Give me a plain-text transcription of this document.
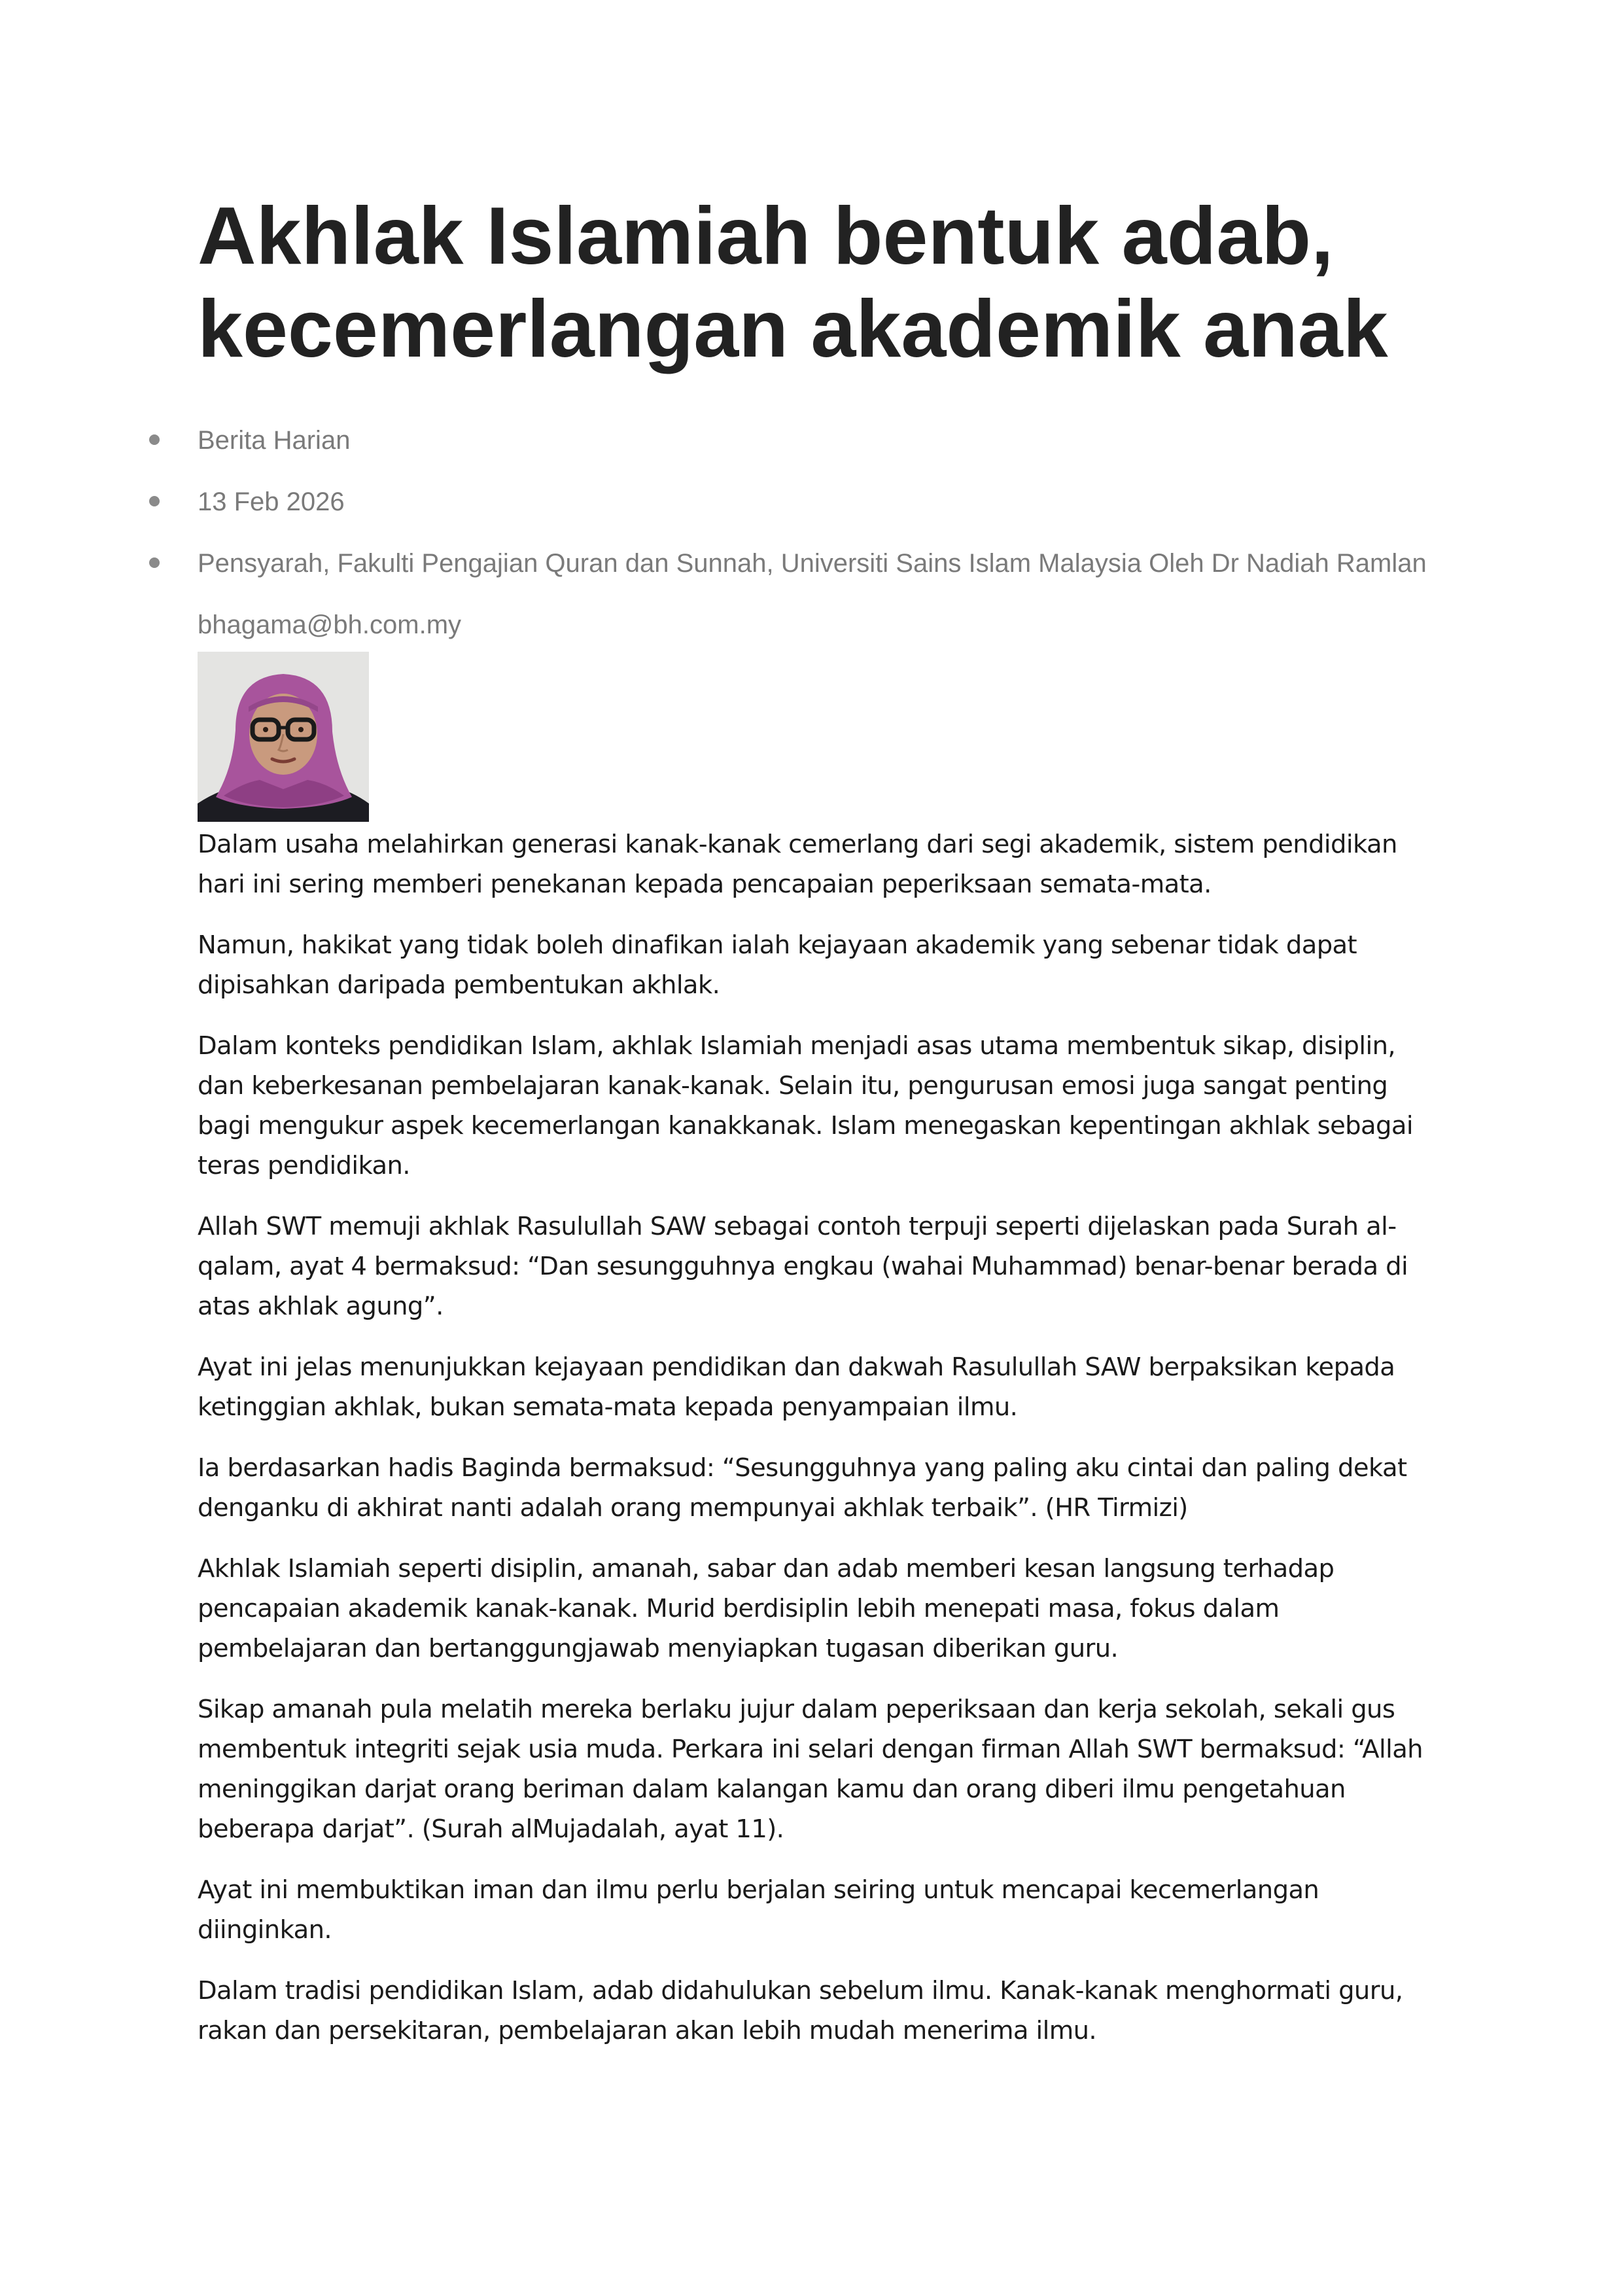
Akhlak Islamiah bentuk adab, kecemerlangan akademik anak
Berita Harian
13 Feb 2026
Pensyarah, Fakulti Pengajian Quran dan Sunnah, Universiti Sains Islam Malaysia Oleh Dr Nadiah Ramlan bhagama@bh.com.my

Dalam usaha melahirkan generasi kanak-kanak cemerlang dari segi akademik, sistem pendidikan hari ini sering memberi penekanan kepada pencapaian peperiksaan semata-mata.

Namun, hakikat yang tidak boleh dinafikan ialah kejayaan akademik yang sebenar tidak dapat dipisahkan daripada pembentukan akhlak.

Dalam konteks pendidikan Islam, akhlak Islamiah menjadi asas utama membentuk sikap, disiplin, dan keberkesanan pembelajaran kanak-kanak. Selain itu, pengurusan emosi juga sangat penting bagi mengukur aspek kecemerlangan kanakkanak. Islam menegaskan kepentingan akhlak sebagai teras pendidikan.

Allah SWT memuji akhlak Rasulullah SAW sebagai contoh terpuji seperti dijelaskan pada Surah al-qalam, ayat 4 bermaksud: “Dan sesungguhnya engkau (wahai Muhammad) benar-benar berada di atas akhlak agung”.

Ayat ini jelas menunjukkan kejayaan pendidikan dan dakwah Rasulullah SAW berpaksikan kepada ketinggian akhlak, bukan semata-mata kepada penyampaian ilmu.

Ia berdasarkan hadis Baginda bermaksud: “Sesungguhnya yang paling aku cintai dan paling dekat denganku di akhirat nanti adalah orang mempunyai akhlak terbaik”. (HR Tirmizi)

Akhlak Islamiah seperti disiplin, amanah, sabar dan adab memberi kesan langsung terhadap pencapaian akademik kanak-kanak. Murid berdisiplin lebih menepati masa, fokus dalam pembelajaran dan bertanggungjawab menyiapkan tugasan diberikan guru.

Sikap amanah pula melatih mereka berlaku jujur dalam peperiksaan dan kerja sekolah, sekali gus membentuk integriti sejak usia muda. Perkara ini selari dengan firman Allah SWT bermaksud: “Allah meninggikan darjat orang beriman dalam kalangan kamu dan orang diberi ilmu pengetahuan beberapa darjat”. (Surah alMujadalah, ayat 11).

Ayat ini membuktikan iman dan ilmu perlu berjalan seiring untuk mencapai kecemerlangan diinginkan.

Dalam tradisi pendidikan Islam, adab didahulukan sebelum ilmu. Kanak-kanak menghormati guru, rakan dan persekitaran, pembelajaran akan lebih mudah menerima ilmu.
